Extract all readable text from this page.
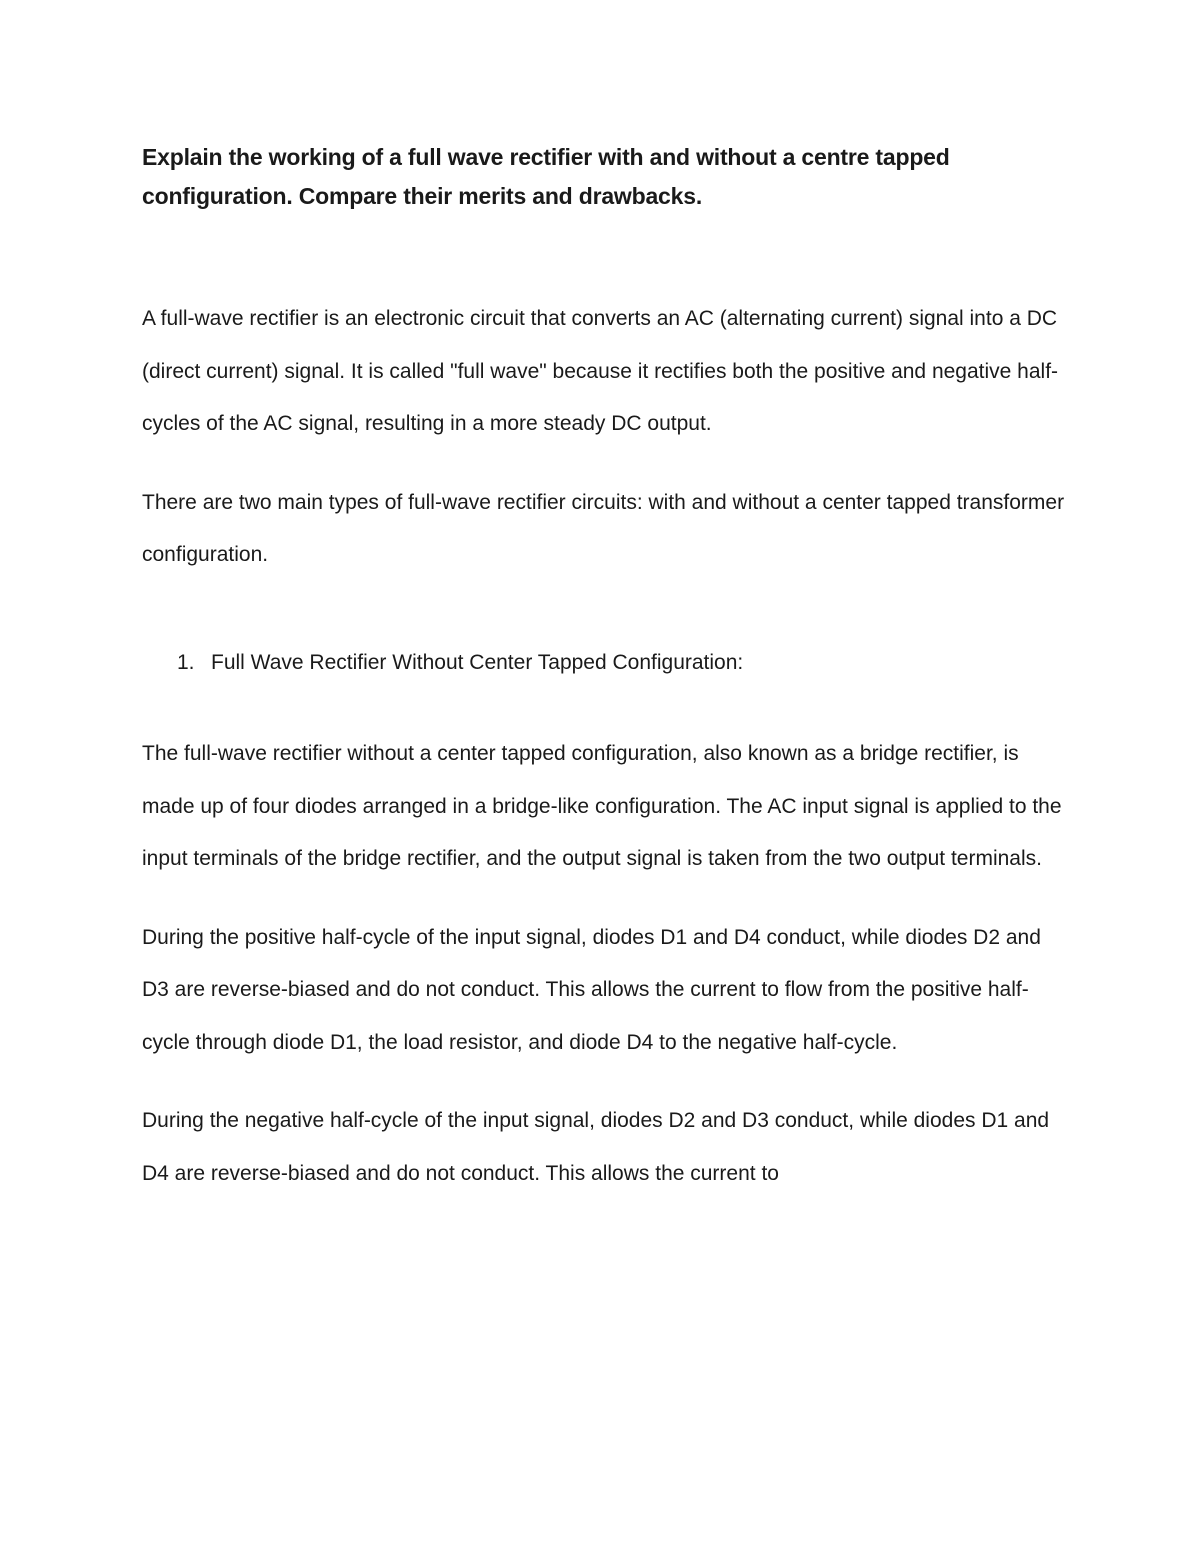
Explain the working of a full wave rectifier with and without a centre tapped configuration. Compare their merits and drawbacks.

A full-wave rectifier is an electronic circuit that converts an AC (alternating current) signal into a DC (direct current) signal. It is called "full wave" because it rectifies both the positive and negative half-cycles of the AC signal, resulting in a more steady DC output.

There are two main types of full-wave rectifier circuits: with and without a center tapped transformer configuration.

1. Full Wave Rectifier Without Center Tapped Configuration:

The full-wave rectifier without a center tapped configuration, also known as a bridge rectifier, is made up of four diodes arranged in a bridge-like configuration. The AC input signal is applied to the input terminals of the bridge rectifier, and the output signal is taken from the two output terminals.

During the positive half-cycle of the input signal, diodes D1 and D4 conduct, while diodes D2 and D3 are reverse-biased and do not conduct. This allows the current to flow from the positive half-cycle through diode D1, the load resistor, and diode D4 to the negative half-cycle.

During the negative half-cycle of the input signal, diodes D2 and D3 conduct, while diodes D1 and D4 are reverse-biased and do not conduct. This allows the current to
